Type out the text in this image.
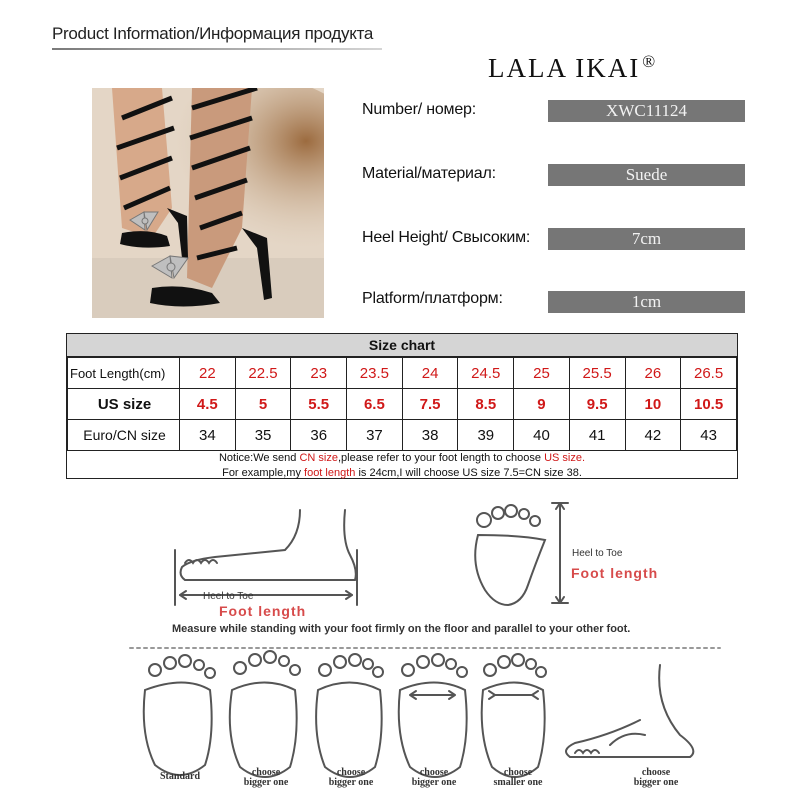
Product Information/Информация продукта
LALA IKAI ®
Number/ номер:	XWC11124
Material/материал:	Suede
Heel Height/ Свысоким:	7cm
Platform/платформ:	1cm
Size chart
Foot Length(cm)	22	22.5	23	23.5	24	24.5	25	25.5	26	26.5
US size	4.5	5	5.5	6.5	7.5	8.5	9	9.5	10	10.5
Euro/CN size	34	35	36	37	38	39	40	41	42	43
Notice:We send CN size,please refer to your foot length to choose US size.
For example,my foot length is 24cm,I will choose US size 7.5=CN size 38.
Heel to Toe
Foot length
Heel to Toe
Foot length
Measure while standing with your foot firmly on the floor and parallel to your other foot.
Standard	choose
bigger one
choose
bigger one
choose
bigger one
choose
smaller one
choose
bigger one
